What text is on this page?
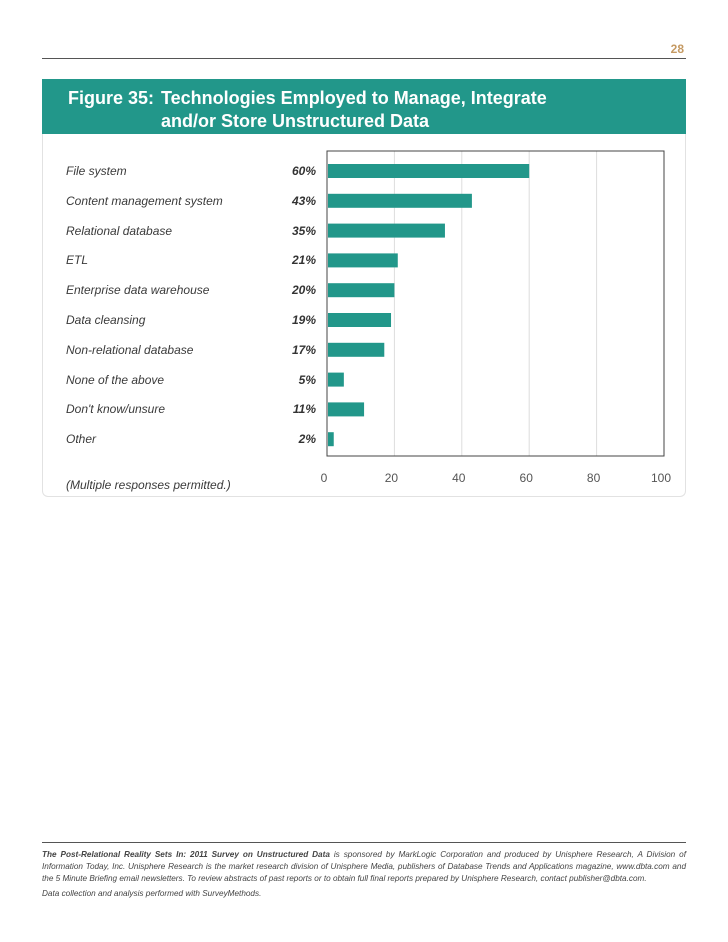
28
Figure 35: Technologies Employed to Manage, Integrate
and/or Store Unstructured Data
File system	60%
Content management system	43%
Relational database	35%
ETL	21%
Enterprise data warehouse	20%
Data cleansing	19%
Non-relational database	17%
None of the above	5%
Don't know/unsure	11%
Other	2%
0	20	40	60	80	100
(Multiple responses permitted.)
The Post-Relational Reality Sets In: 2011 Survey on Unstructured Data is sponsored by MarkLogic Corporation and produced by Unisphere Research, A Division of Information Today, Inc. Unisphere Research is the market research division of Unisphere Media, publishers of Database Trends and Applications magazine, www.dbta.com and the 5 Minute Briefing email newsletters. To review abstracts of past reports or to obtain full final reports prepared by Unisphere Research, contact publisher@dbta.com.
Data collection and analysis performed with SurveyMethods.
